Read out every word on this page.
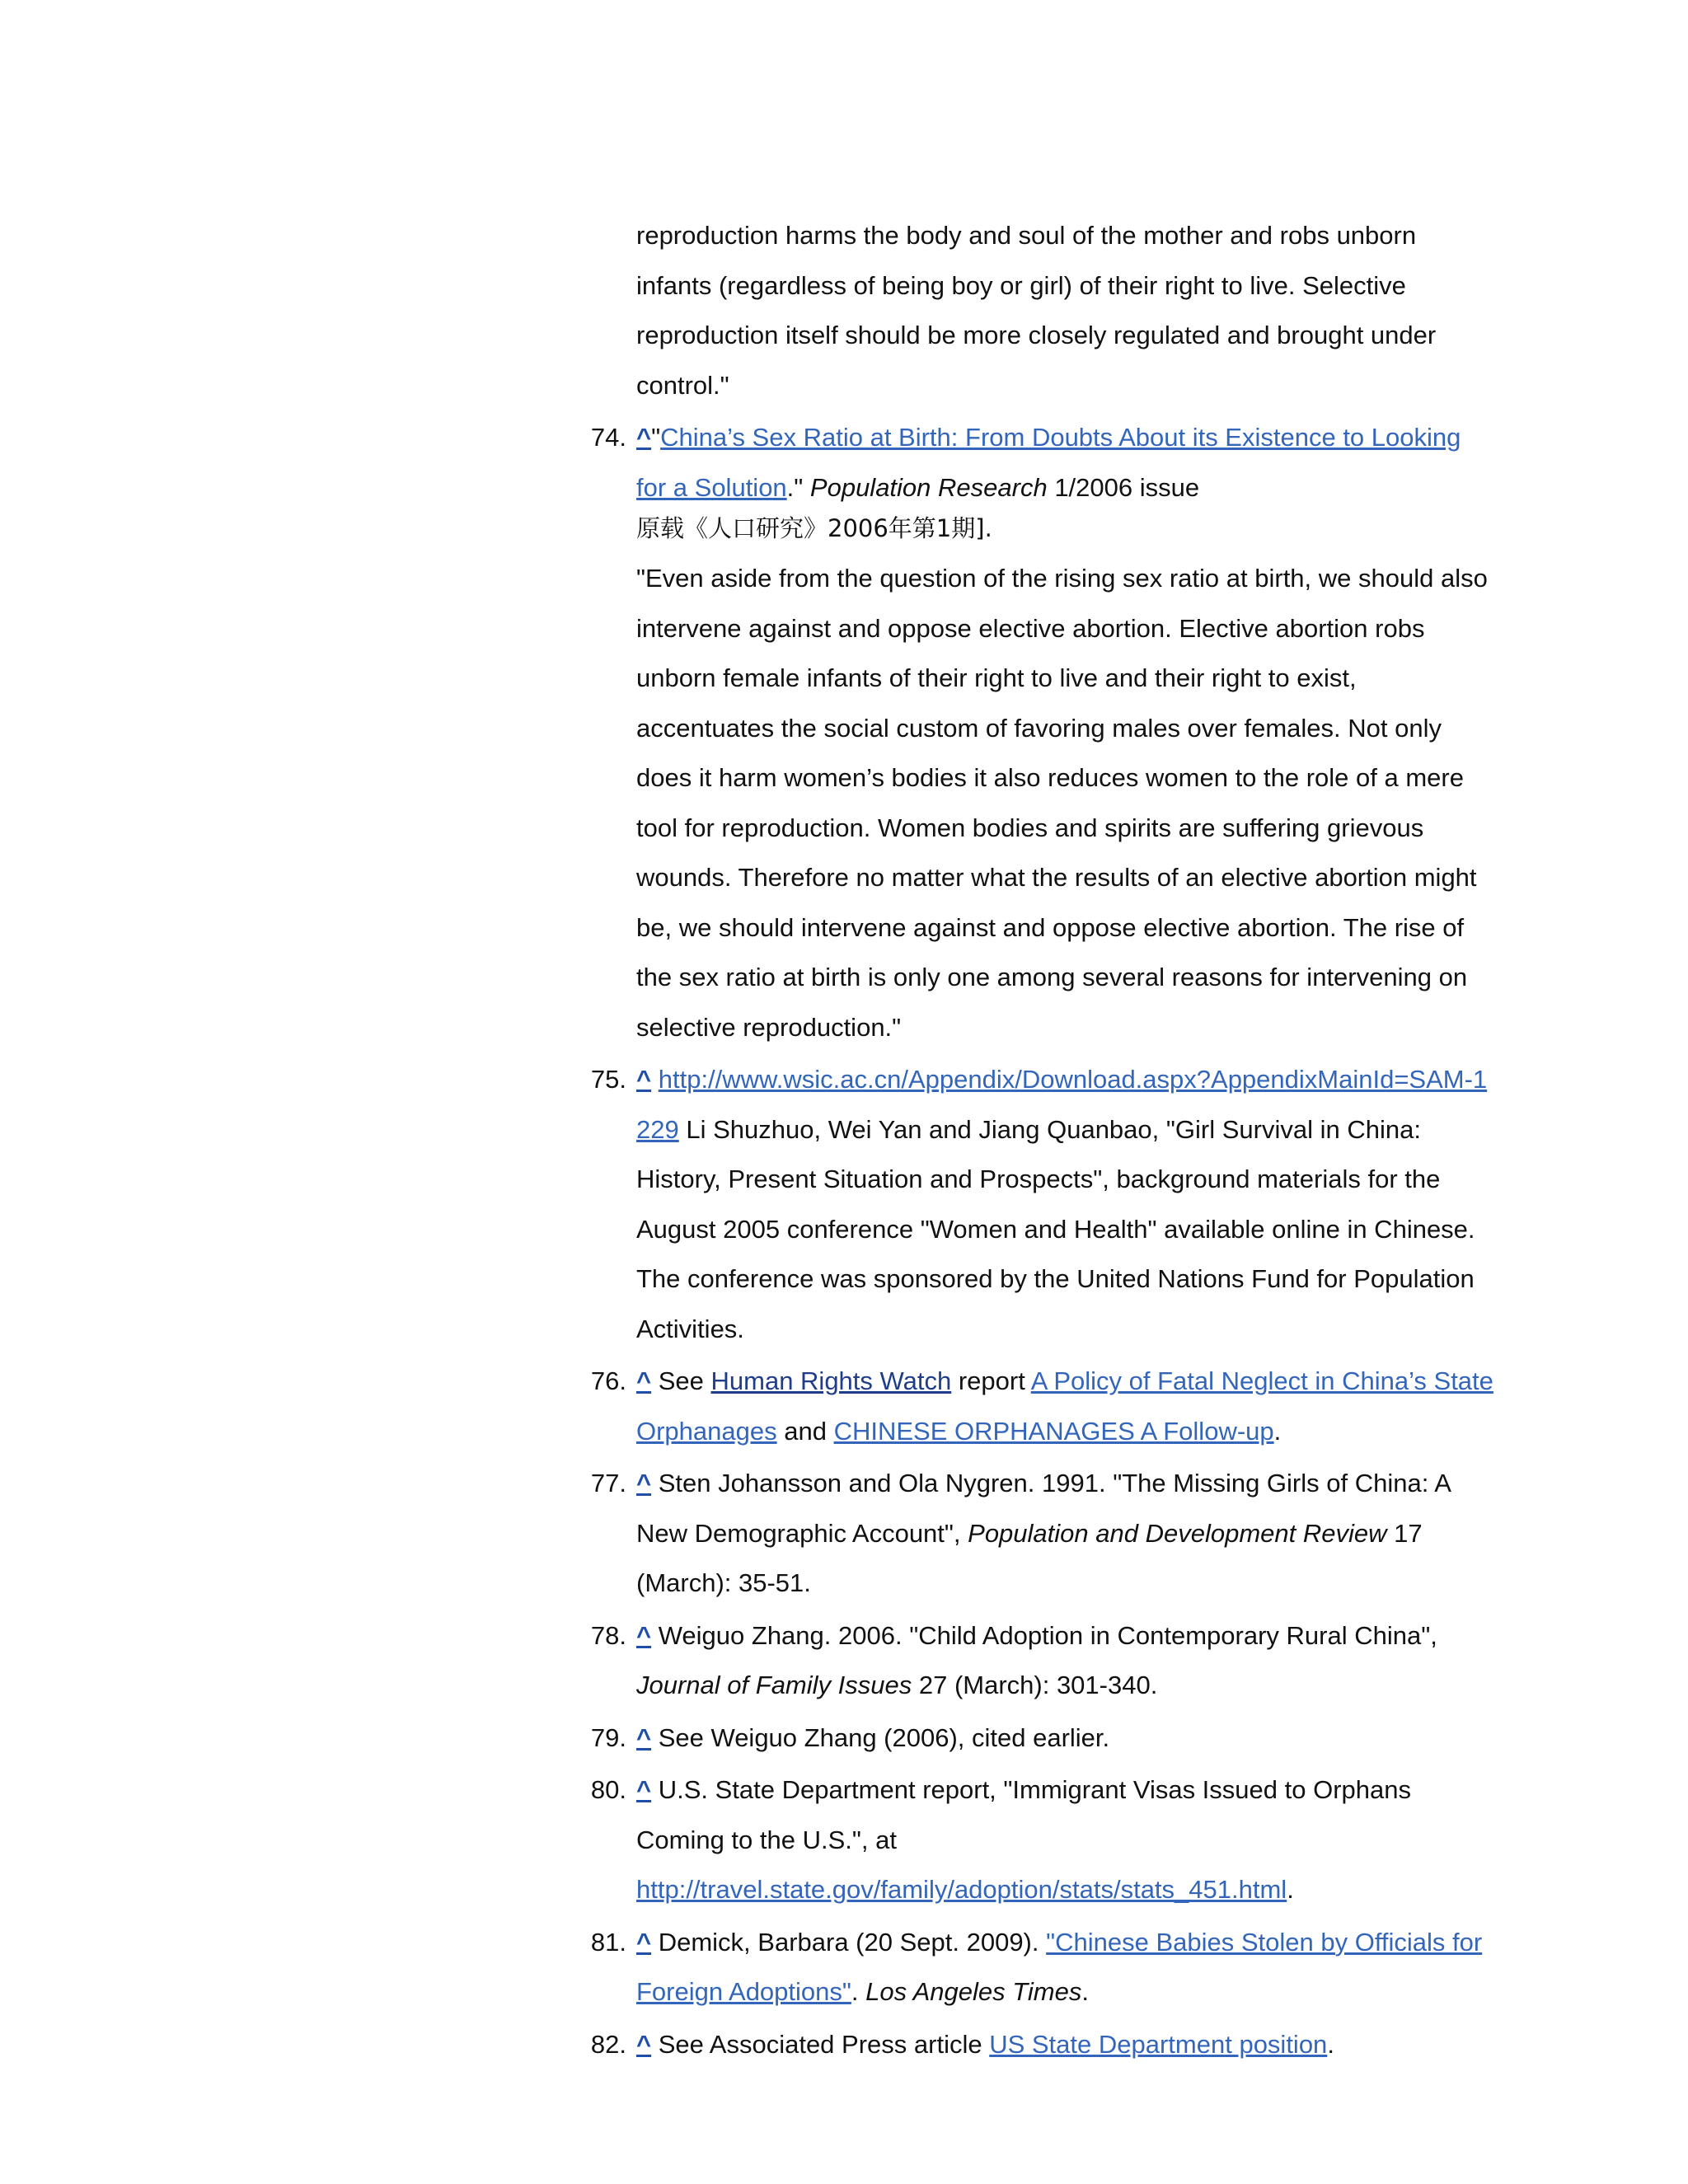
reproduction harms the body and soul of the mother and robs unborn infants (regardless of being boy or girl) of their right to live. Selective reproduction itself should be more closely regulated and brought under control."
74. ^"China’s Sex Ratio at Birth: From Doubts About its Existence to Looking for a Solution." Population Research 1/2006 issue
原载《人口研究》2006年第1期].
"Even aside from the question of the rising sex ratio at birth, we should also intervene against and oppose elective abortion. Elective abortion robs unborn female infants of their right to live and their right to exist, accentuates the social custom of favoring males over females. Not only does it harm women’s bodies it also reduces women to the role of a mere tool for reproduction. Women bodies and spirits are suffering grievous wounds. Therefore no matter what the results of an elective abortion might be, we should intervene against and oppose elective abortion. The rise of the sex ratio at birth is only one among several reasons for intervening on selective reproduction."
75. ^ http://www.wsic.ac.cn/Appendix/Download.aspx?AppendixMainId=SAM-1229 Li Shuzhuo, Wei Yan and Jiang Quanbao, "Girl Survival in China: History, Present Situation and Prospects", background materials for the August 2005 conference "Women and Health" available online in Chinese. The conference was sponsored by the United Nations Fund for Population Activities.
76. ^ See Human Rights Watch report A Policy of Fatal Neglect in China’s State Orphanages and CHINESE ORPHANAGES A Follow-up.
77. ^ Sten Johansson and Ola Nygren. 1991. "The Missing Girls of China: A New Demographic Account", Population and Development Review 17 (March): 35-51.
78. ^ Weiguo Zhang. 2006. "Child Adoption in Contemporary Rural China", Journal of Family Issues 27 (March): 301-340.
79. ^ See Weiguo Zhang (2006), cited earlier.
80. ^ U.S. State Department report, "Immigrant Visas Issued to Orphans Coming to the U.S.", at http://travel.state.gov/family/adoption/stats/stats_451.html.
81. ^ Demick, Barbara (20 Sept. 2009). "Chinese Babies Stolen by Officials for Foreign Adoptions". Los Angeles Times.
82. ^ See Associated Press article US State Department position.
